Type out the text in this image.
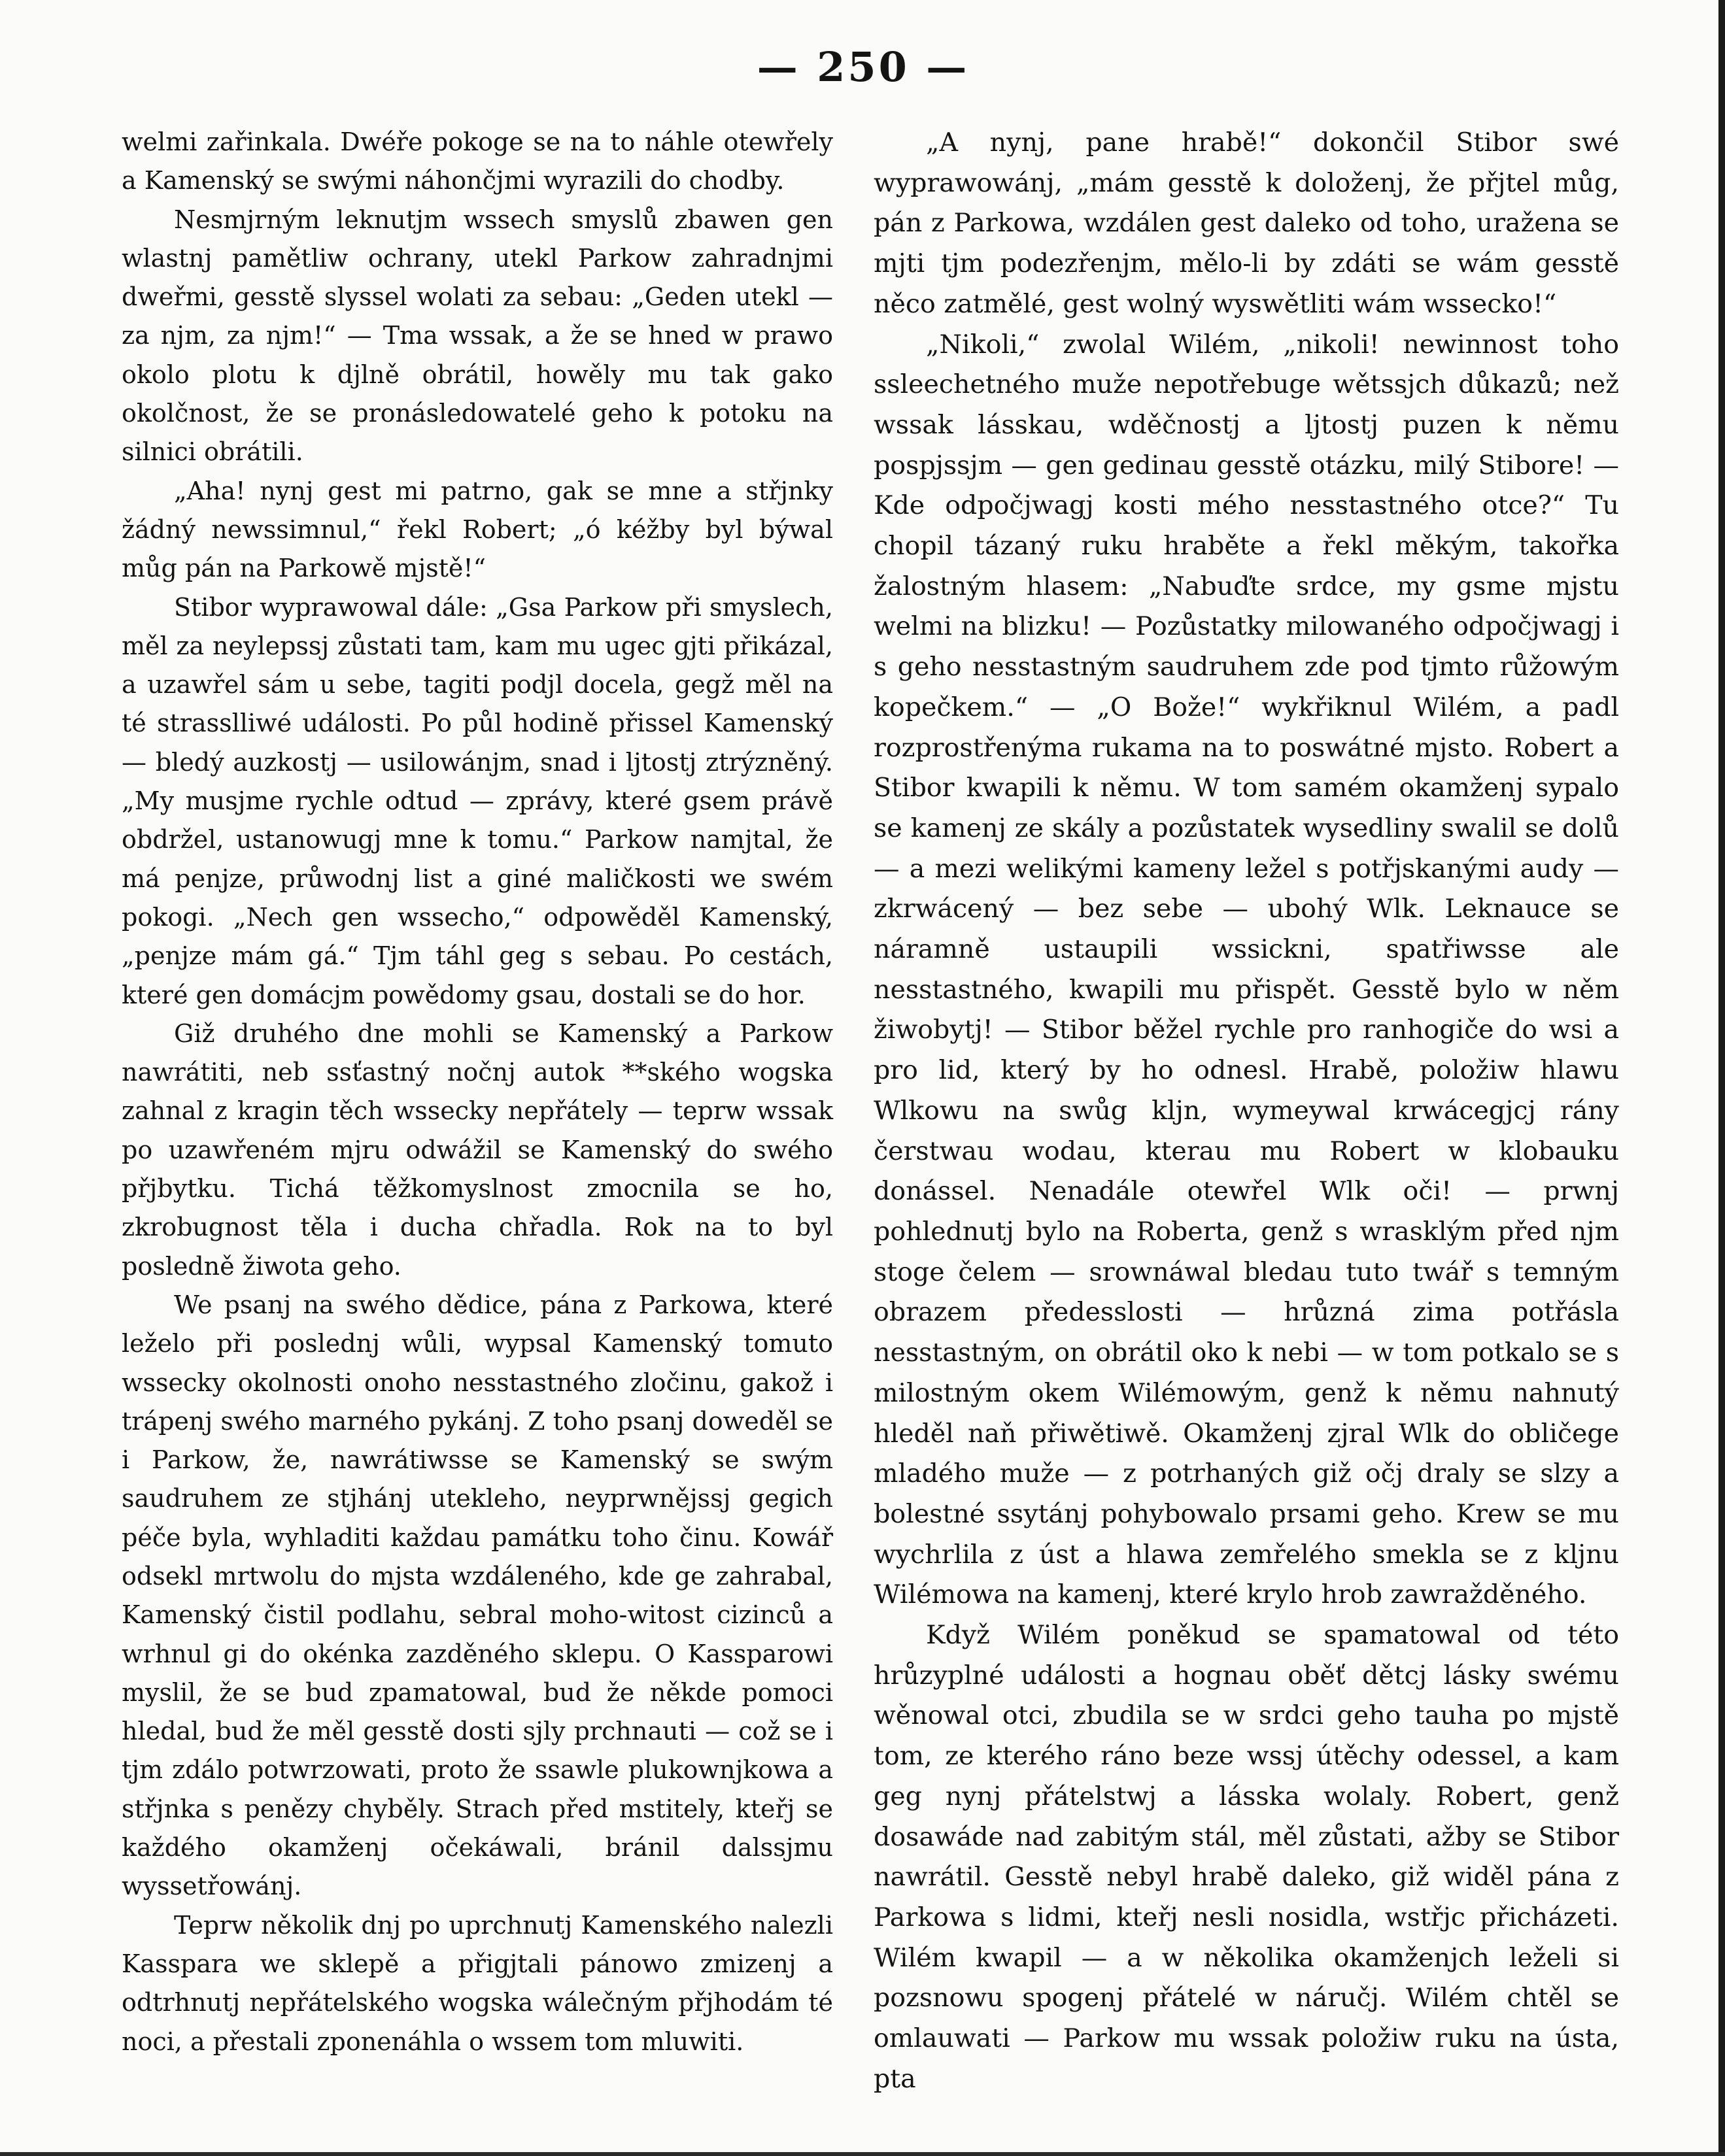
— 250 —

welmi zařinkala. Dwéře pokoge se na to náhle otewřely a Kamenský se swými náhončjmi wyrazili do chodby.

Nesmjrným leknutjm wssech smyslů zbawen gen wlastnj pamětliw ochrany, utekl Parkow zahradnjmi dweřmi, gesstě slyssel wolati za sebau: „Geden utekl — za njm, za njm!“ — Tma wssak, a že se hned w prawo okolo plotu k djlně obrátil, howěly mu tak gako okolčnost, že se pronásledowatelé geho k potoku na silnici obrátili.

„Aha! nynj gest mi patrno, gak se mne a střjnky žádný newssimnul,“ řekl Robert; „ó kéžby byl býwal můg pán na Parkowě mjstě!“

Stibor wyprawowal dále: „Gsa Parkow při smyslech, měl za neylepssj zůstati tam, kam mu ugec gjti přikázal, a uzawřel sám u sebe, tagiti podjl docela, gegž měl na té strasslliwé události. Po půl hodině přissel Kamenský — bledý auzkostj — usilowánjm, snad i ljtostj ztrýzněný. „My musjme rychle odtud — zprávy, které gsem právě obdržel, ustanowugj mne k tomu.“ Parkow namjtal, že má penjze, průwodnj list a giné maličkosti we swém pokogi. „Nech gen wssecho,“ odpowěděl Kamenský, „penjze mám gá.“ Tjm táhl geg s sebau. Po cestách, které gen domácjm powědomy gsau, dostali se do hor.

Giž druhého dne mohli se Kamenský a Parkow nawrátiti, neb ssťastný nočnj autok **ského wogska zahnal z kragin těch wssecky nepřátely — teprw wssak po uzawřeném mjru odwážil se Kamenský do swého přjbytku. Tichá těžkomyslnost zmocnila se ho, zkrobugnost těla i ducha chřadla. Rok na to byl posledně žiwota geho.

We psanj na swého dědice, pána z Parkowa, které leželo při poslednj wůli, wypsal Kamenský tomuto wssecky okolnosti onoho nesstastného zločinu, gakož i trápenj swého marného pykánj. Z toho psanj doweděl se i Parkow, že, nawrátiwsse se Kamenský se swým saudruhem ze stjhánj utekleho, neyprwnějssj gegich péče byla, wyhladiti každau památku toho činu. Kowář odsekl mrtwolu do mjsta wzdáleného, kde ge zahrabal, Kamenský čistil podlahu, sebral moho-witost cizinců a wrhnul gi do okénka zazděného sklepu. O Kassparowi myslil, že se bud zpamatowal, bud že někde pomoci hledal, bud že měl gesstě dosti sjly prchnauti — což se i tjm zdálo potwrzowati, proto že ssawle plukownjkowa a střjnka s penězy chyběly. Strach před mstitely, kteřj se každého okamženj očekáwali, bránil dalssjmu wyssetřowánj.

Teprw několik dnj po uprchnutj Kamenského nalezli Kasspara we sklepě a přigjtali pánowo zmizenj a odtrhnutj nepřátelského wogska wálečným přjhodám té noci, a přestali zponenáhla o wssem tom mluwiti.

„A nynj, pane hrabě!“ dokončil Stibor swé wyprawowánj, „mám gesstě k doloženj, že přjtel můg, pán z Parkowa, wzdálen gest daleko od toho, uražena se mjti tjm podezřenjm, mělo-li by zdáti se wám gesstě něco zatmělé, gest wolný wyswětliti wám wssecko!“

„Nikoli,“ zwolal Wilém, „nikoli! newinnost toho ssleechetného muže nepotřebuge wětssjch důkazů; než wssak lásskau, wděčnostj a ljtostj puzen k němu pospjssjm — gen gedinau gesstě otázku, milý Stibore! — Kde odpočjwagj kosti mého nesstastného otce?“ Tu chopil tázaný ruku hraběte a řekl měkým, takořka žalostným hlasem: „Nabuďte srdce, my gsme mjstu welmi na blizku! — Pozůstatky milowaného odpočjwagj i s geho nesstastným saudruhem zde pod tjmto růžowým kopečkem.“ — „O Bože!“ wykřiknul Wilém, a padl rozprostřenýma rukama na to poswátné mjsto. Robert a Stibor kwapili k němu. W tom samém okamženj sypalo se kamenj ze skály a pozůstatek wysedliny swalil se dolů — a mezi welikými kameny ležel s potřjskanými audy — zkrwácený — bez sebe — ubohý Wlk. Leknauce se náramně ustaupili wssickni, spatřiwsse ale nesstastného, kwapili mu přispět. Gesstě bylo w něm žiwobytj! — Stibor běžel rychle pro ranhogiče do wsi a pro lid, který by ho odnesl. Hrabě, položiw hlawu Wlkowu na swůg kljn, wymeywal krwácegjcj rány čerstwau wodau, kterau mu Robert w klobauku donássel. Nenadále otewřel Wlk oči! — prwnj pohlednutj bylo na Roberta, genž s wrasklým před njm stoge čelem — srownáwal bledau tuto twář s temným obrazem předesslosti — hrůzná zima potřásla nesstastným, on obrátil oko k nebi — w tom potkalo se s milostným okem Wilémowým, genž k němu nahnutý hleděl naň přiwětiwě. Okamženj zjral Wlk do obličege mladého muže — z potrhaných giž očj draly se slzy a bolestné ssytánj pohybowalo prsami geho. Krew se mu wychrlila z úst a hlawa zemřelého smekla se z kljnu Wilémowa na kamenj, které krylo hrob zawražděného.

Když Wilém poněkud se spamatowal od této hrůzyplné události a hognau oběť dětcj lásky swému wěnowal otci, zbudila se w srdci geho tauha po mjstě tom, ze kterého ráno beze wssj útěchy odessel, a kam geg nynj přátelstwj a lásska wolaly. Robert, genž dosawáde nad zabitým stál, měl zůstati, ažby se Stibor nawrátil. Gesstě nebyl hrabě daleko, giž widěl pána z Parkowa s lidmi, kteřj nesli nosidla, wstřjc přicházeti. Wilém kwapil — a w několika okamženjch leželi si pozsnowu spogenj přátelé w náručj. Wilém chtěl se omlauwati — Parkow mu wssak položiw ruku na ústa, pta
